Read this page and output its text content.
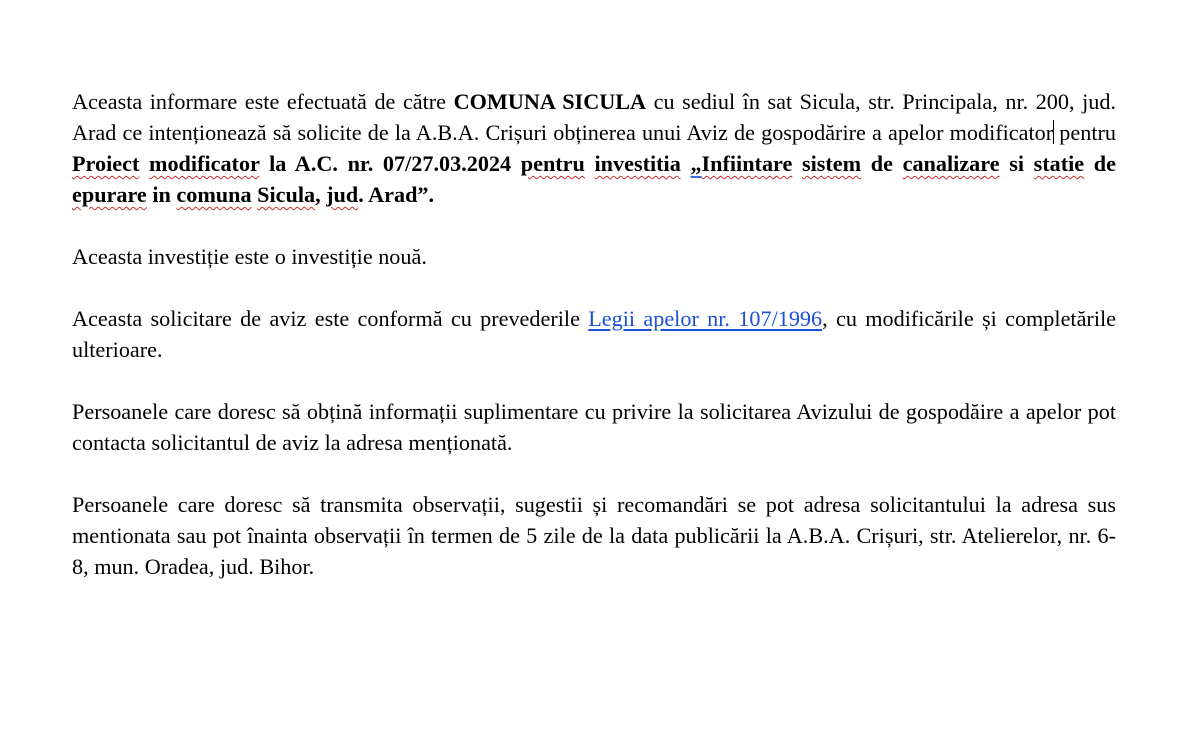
Aceasta informare este efectuată de către COMUNA SICULA cu sediul în sat Sicula, str. Principala, nr. 200, jud. Arad ce intenționează să solicite de la A.B.A. Crișuri obținerea unui Aviz de gospodărire a apelor modificator pentru Proiect modificator la A.C. nr. 07/27.03.2024 pentru investitia „Infiintare sistem de canalizare si statie de epurare in comuna Sicula, jud. Arad”.

Aceasta investiție este o investiție nouă.

Aceasta solicitare de aviz este conformă cu prevederile Legii apelor nr. 107/1996, cu modificările și completările ulterioare.

Persoanele care doresc să obțină informații suplimentare cu privire la solicitarea Avizului de gospodăire a apelor pot contacta solicitantul de aviz la adresa menționată.

Persoanele care doresc să transmita observații, sugestii și recomandări se pot adresa solicitantului la adresa sus mentionata sau pot înainta observații în termen de 5 zile de la data publicării la A.B.A. Crișuri, str. Atelierelor, nr. 6-8, mun. Oradea, jud. Bihor.
